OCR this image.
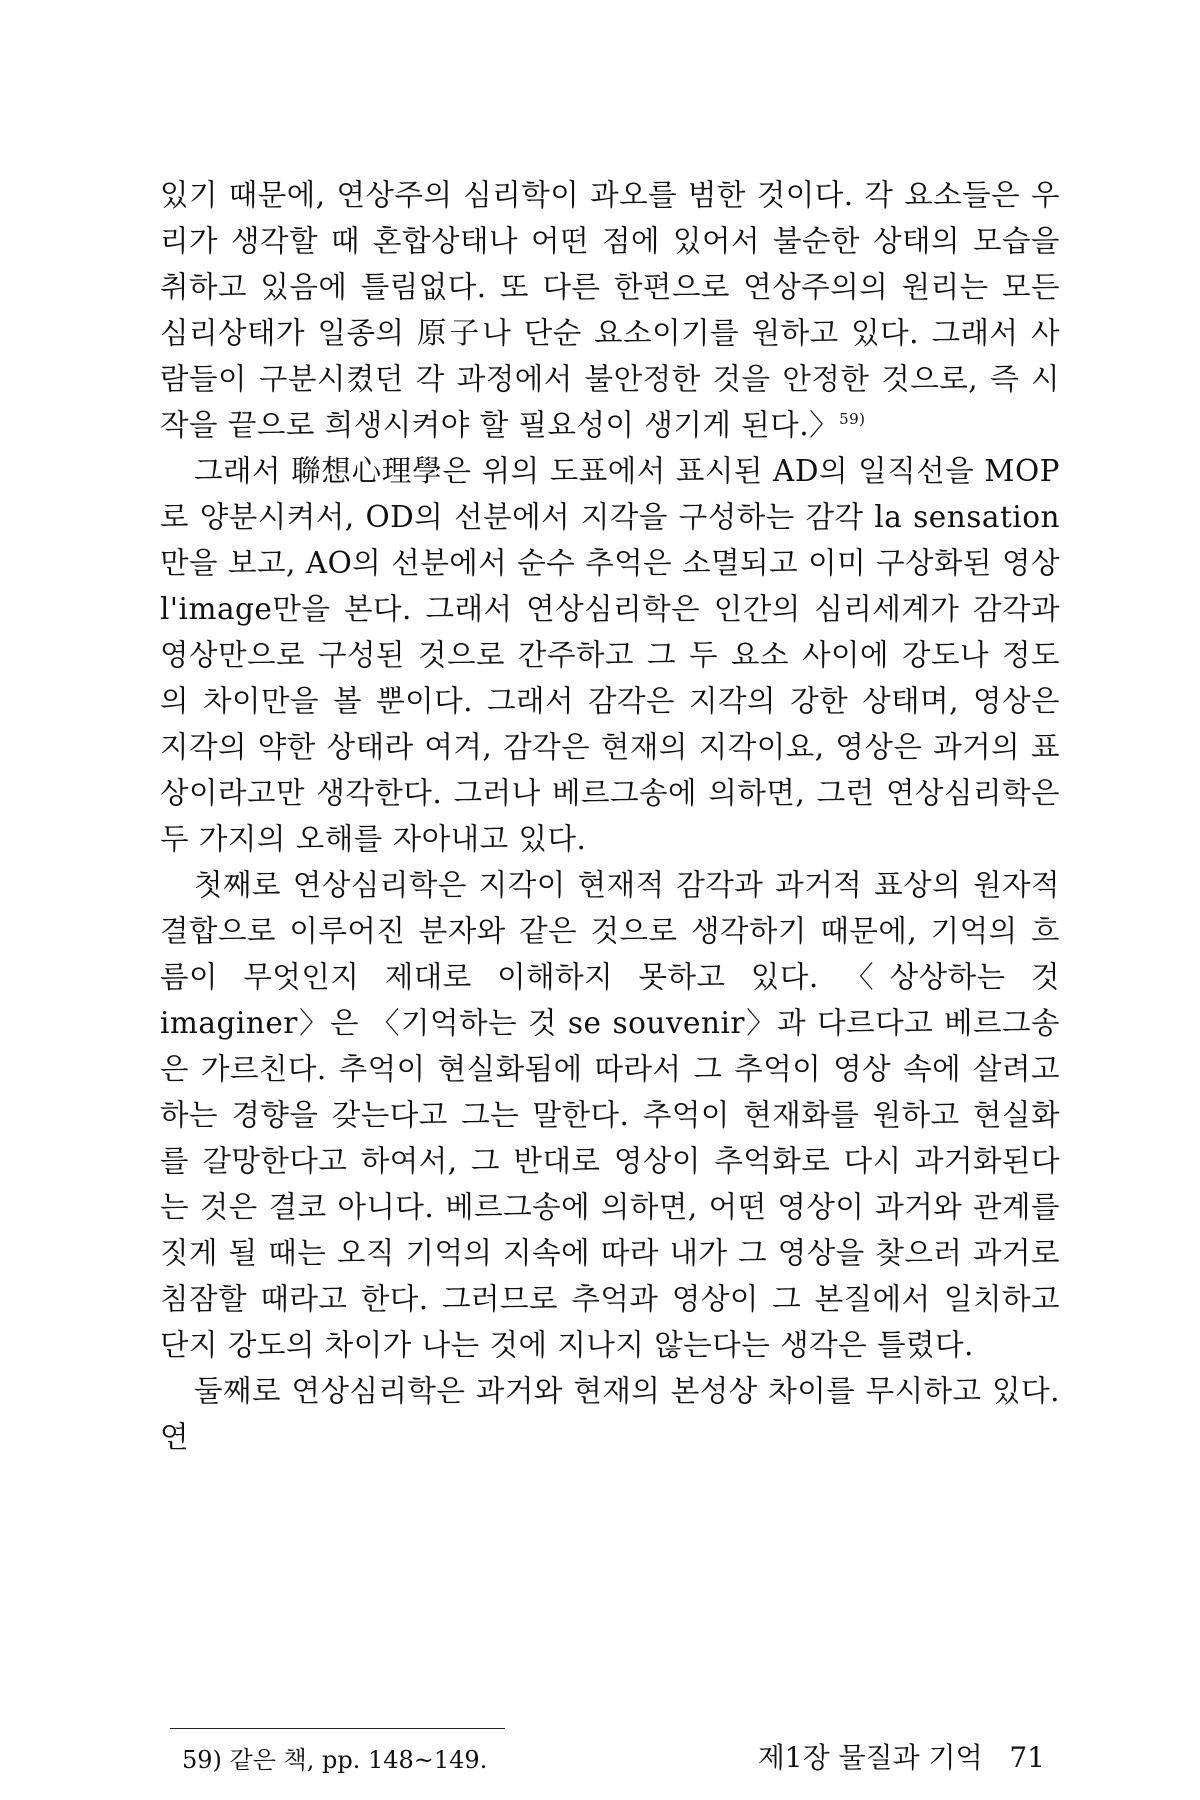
있기 때문에, 연상주의 심리학이 과오를 범한 것이다. 각 요소들은 우리가 생각할 때 혼합상태나 어떤 점에 있어서 불순한 상태의 모습을 취하고 있음에 틀림없다. 또 다른 한편으로 연상주의의 원리는 모든 심리상태가 일종의 原子나 단순 요소이기를 원하고 있다. 그래서 사람들이 구분시켰던 각 과정에서 불안정한 것을 안정한 것으로, 즉 시작을 끝으로 희생시켜야 할 필요성이 생기게 된다.〉$^{59)}$

그래서 聯想心理學은 위의 도표에서 표시된 AD의 일직선을 MOP로 양분시켜서, OD의 선분에서 지각을 구성하는 감각 la sensation만을 보고, AO의 선분에서 순수 추억은 소멸되고 이미 구상화된 영상 l'image만을 본다. 그래서 연상심리학은 인간의 심리세계가 감각과 영상만으로 구성된 것으로 간주하고 그 두 요소 사이에 강도나 정도의 차이만을 볼 뿐이다. 그래서 감각은 지각의 강한 상태며, 영상은 지각의 약한 상태라 여겨, 감각은 현재의 지각이요, 영상은 과거의 표상이라고만 생각한다. 그러나 베르그송에 의하면, 그런 연상심리학은 두 가지의 오해를 자아내고 있다.

첫째로 연상심리학은 지각이 현재적 감각과 과거적 표상의 원자적 결합으로 이루어진 분자와 같은 것으로 생각하기 때문에, 기억의 흐름이 무엇인지 제대로 이해하지 못하고 있다. 〈상상하는 것 imaginer〉은 〈기억하는 것 se souvenir〉과 다르다고 베르그송은 가르친다. 추억이 현실화됨에 따라서 그 추억이 영상 속에 살려고 하는 경향을 갖는다고 그는 말한다. 추억이 현재화를 원하고 현실화를 갈망한다고 하여서, 그 반대로 영상이 추억화로 다시 과거화된다는 것은 결코 아니다. 베르그송에 의하면, 어떤 영상이 과거와 관계를 짓게 될 때는 오직 기억의 지속에 따라 내가 그 영상을 찾으러 과거로 침잠할 때라고 한다. 그러므로 추억과 영상이 그 본질에서 일치하고 단지 강도의 차이가 나는 것에 지나지 않는다는 생각은 틀렸다.

둘째로 연상심리학은 과거와 현재의 본성상 차이를 무시하고 있다. 연

59) 같은 책, pp. 148~149.	제1장 물질과 기억 71
